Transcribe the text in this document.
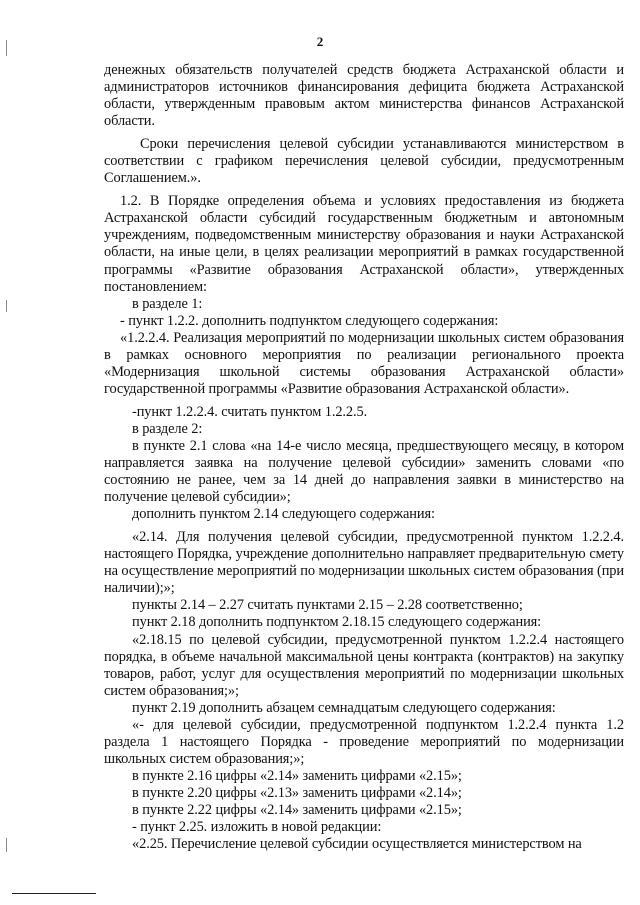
2

денежных обязательств получателей средств бюджета Астраханской области и администраторов источников финансирования дефицита бюджета Астраханской области, утвержденным правовым актом министерства финансов Астраханской области.

Сроки перечисления целевой субсидии устанавливаются министерством в соответствии с графиком перечисления целевой субсидии, предусмотренным Соглашением.».

1.2. В Порядке определения объема и условиях предоставления из бюджета Астраханской области субсидий государственным бюджетным и автономным учреждениям, подведомственным министерству образования и науки Астраханской области, на иные цели, в целях реализации мероприятий в рамках государственной программы «Развитие образования Астраханской области», утвержденных постановлением:

в разделе 1:

- пункт 1.2.2. дополнить подпунктом следующего содержания:

«1.2.2.4. Реализация мероприятий по модернизации школьных систем образования в рамках основного мероприятия по реализации регионального проекта «Модернизация школьной системы образования Астраханской области» государственной программы «Развитие образования Астраханской области».

-пункт 1.2.2.4. считать пунктом 1.2.2.5.

в разделе 2:

в пункте 2.1 слова «на 14-е число месяца, предшествующего месяцу, в котором направляется заявка на получение целевой субсидии» заменить словами «по состоянию не ранее, чем за 14 дней до направления заявки в министерство на получение целевой субсидии»;

дополнить пунктом 2.14 следующего содержания:

«2.14. Для получения целевой субсидии, предусмотренной пунктом 1.2.2.4. настоящего Порядка, учреждение дополнительно направляет предварительную смету на осуществление мероприятий по модернизации школьных систем образования (при наличии);»;

пункты 2.14 – 2.27 считать пунктами 2.15 – 2.28 соответственно;

пункт 2.18 дополнить подпунктом 2.18.15 следующего содержания:

«2.18.15 по целевой субсидии, предусмотренной пунктом 1.2.2.4 настоящего порядка, в объеме начальной максимальной цены контракта (контрактов) на закупку товаров, работ, услуг для осуществления мероприятий по модернизации школьных систем образования;»;

пункт 2.19 дополнить абзацем семнадцатым следующего содержания:

«- для целевой субсидии, предусмотренной подпунктом 1.2.2.4 пункта 1.2 раздела 1 настоящего Порядка - проведение мероприятий по модернизации школьных систем образования;»;

в пункте 2.16 цифры «2.14» заменить цифрами «2.15»;

в пункте 2.20 цифры «2.13» заменить цифрами «2.14»;

в пункте 2.22 цифры «2.14» заменить цифрами «2.15»;

- пункт 2.25. изложить в новой редакции:

«2.25. Перечисление целевой субсидии осуществляется министерством на
